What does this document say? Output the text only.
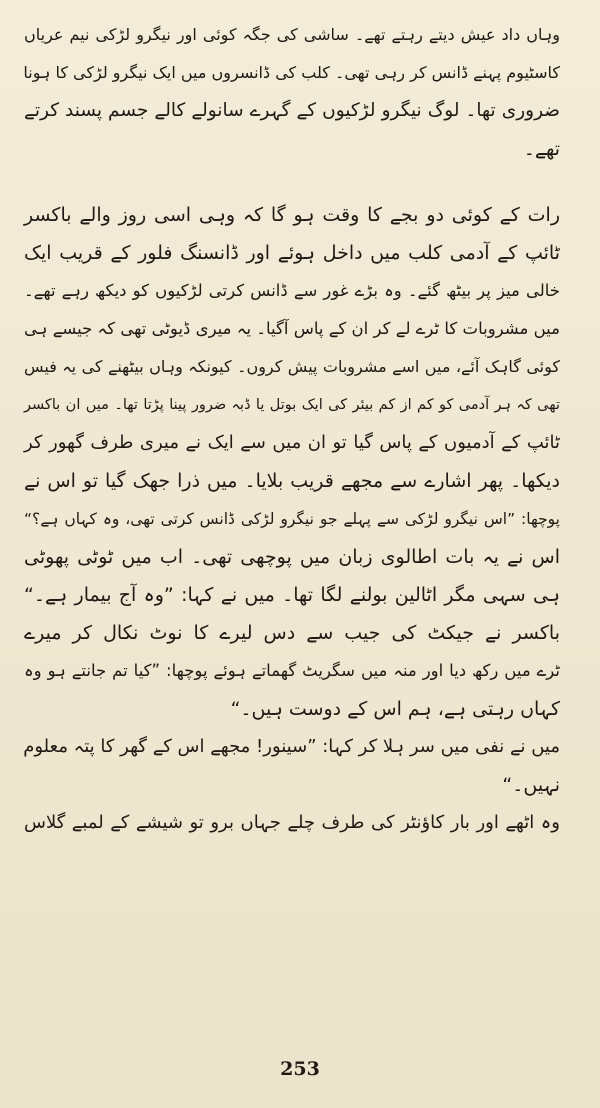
وہاں داد عیش دیتے رہتے تھے۔ ساشی کی جگہ کوئی اور نیگرو لڑکی نیم عریاں
کاسٹیوم پہنے ڈانس کر رہی تھی۔ کلب کی ڈانسروں میں ایک نیگرو لڑکی کا ہونا
ضروری تھا۔ لوگ نیگرو لڑکیوں کے گہرے سانولے کالے جسم پسند کرتے
تھے۔

رات کے کوئی دو بجے کا وقت ہو گا کہ وہی اسی روز والے باکسر
ٹائپ کے آدمی کلب میں داخل ہوئے اور ڈانسنگ فلور کے قریب ایک
خالی میز پر بیٹھ گئے۔ وہ بڑے غور سے ڈانس کرتی لڑکیوں کو دیکھ رہے تھے۔
میں مشروبات کا ٹرے لے کر ان کے پاس آگیا۔ یہ میری ڈیوٹی تھی کہ جیسے ہی
کوئی گاہک آئے، میں اسے مشروبات پیش کروں۔ کیونکہ وہاں بیٹھنے کی یہ فیس
تھی کہ ہر آدمی کو کم از کم بیئر کی ایک بوتل یا ڈبہ ضرور پینا پڑتا تھا۔ میں ان باکسر
ٹائپ کے آدمیوں کے پاس گیا تو ان میں سے ایک نے میری طرف گھور کر
دیکھا۔ پھر اشارے سے مجھے قریب بلایا۔ میں ذرا جھک گیا تو اس نے
پوچھا: ”اس نیگرو لڑکی سے پہلے جو نیگرو لڑکی ڈانس کرتی تھی، وہ کہاں ہے؟“

اس نے یہ بات اطالوی زبان میں پوچھی تھی۔ اب میں ٹوٹی پھوٹی
ہی سہی مگر اٹالین بولنے لگا تھا۔ میں نے کہا: ”وہ آج بیمار ہے۔“

باکسر نے جیکٹ کی جیب سے دس لیرے کا نوٹ نکال کر میرے
ٹرے میں رکھ دیا اور منہ میں سگریٹ گھماتے ہوئے پوچھا: ”کیا تم جانتے ہو وہ
کہاں رہتی ہے، ہم اس کے دوست ہیں۔“

میں نے نفی میں سر ہلا کر کہا: ”سینور! مجھے اس کے گھر کا پتہ معلوم
نہیں۔“

وہ اٹھے اور بار کاؤنٹر کی طرف چلے جہاں برو تو شیشے کے لمبے گلاس

253
